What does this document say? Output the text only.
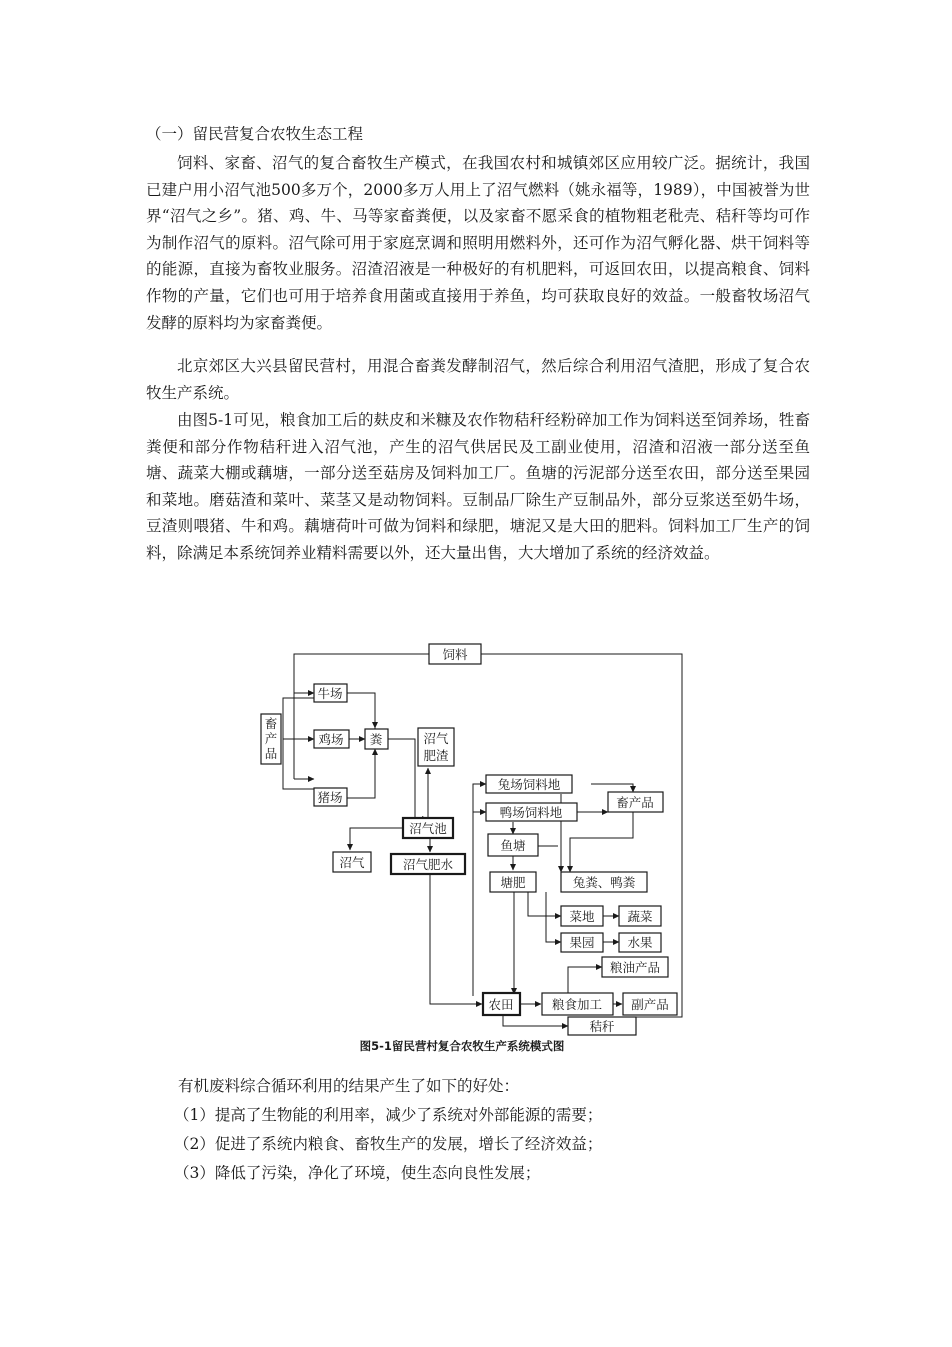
（一）留民营复合农牧生态工程

饲料、家畜、沼气的复合畜牧生产模式，在我国农村和城镇郊区应用较广泛。据统计，我国已建户用小沼气池500多万个，2000多万人用上了沼气燃料（姚永福等，1989），中国被誉为世界“沼气之乡”。猪、鸡、牛、马等家畜粪便，以及家畜不愿采食的植物粗老秕壳、秸秆等均可作为制作沼气的原料。沼气除可用于家庭烹调和照明用燃料外，还可作为沼气孵化器、烘干饲料等的能源，直接为畜牧业服务。沼渣沼液是一种极好的有机肥料，可返回农田，以提高粮食、饲料作物的产量，它们也可用于培养食用菌或直接用于养鱼，均可获取良好的效益。一般畜牧场沼气发酵的原料均为家畜粪便。

北京郊区大兴县留民营村，用混合畜粪发酵制沼气，然后综合利用沼气渣肥，形成了复合农牧生产系统。

由图5-1可见，粮食加工后的麸皮和米糠及农作物秸秆经粉碎加工作为饲料送至饲养场，牲畜粪便和部分作物秸秆进入沼气池，产生的沼气供居民及工副业使用，沼渣和沼液一部分送至鱼塘、蔬菜大棚或藕塘，一部分送至菇房及饲料加工厂。鱼塘的污泥部分送至农田，部分送至果园和菜地。磨菇渣和菜叶、菜茎又是动物饲料。豆制品厂除生产豆制品外，部分豆浆送至奶牛场，豆渣则喂猪、牛和鸡。藕塘荷叶可做为饲料和绿肥，塘泥又是大田的肥料。饲料加工厂生产的饲料，除满足本系统饲养业精料需要以外，还大量出售，大大增加了系统的经济效益。

饲料
牛场
畜
产
品
鸡场 粪	沼气
肥渣
猪场
沼气池
沼气	沼气肥水
兔场饲料地
鸭场饲料地
畜产品
鱼塘
塘肥	兔粪、鸭粪
菜地	蔬菜
果园	水果
粮油产品
农田	粮食加工 副产品
秸秆
图5-1留民营村复合农牧生产系统模式图
有机废料综合循环利用的结果产生了如下的好处：
（1）提高了生物能的利用率，减少了系统对外部能源的需要；
（2）促进了系统内粮食、畜牧生产的发展，增长了经济效益；
（3）降低了污染，净化了环境，使生态向良性发展；
